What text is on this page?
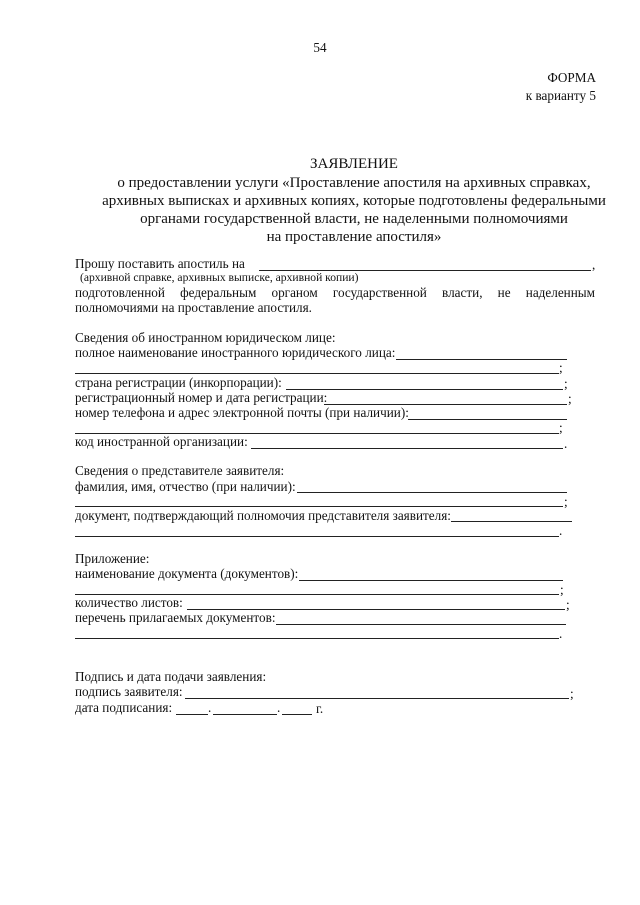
54
ФОРМА
к варианту 5
ЗАЯВЛЕНИЕ
о предоставлении услуги «Проставление апостиля на архивных справках,
архивных выписках и архивных копиях, которые подготовлены федеральными
органами государственной власти, не наделенными полномочиями
на проставление апостиля»
Прошу поставить апостиль на	,
(архивной справке, архивных выписке, архивной копии)
подготовленной федеральным органом государственной власти, не наделенным
полномочиями на проставление апостиля.
Сведения об иностранном юридическом лице:
полное наименование иностранного юридического лица:
;
страна регистрации (инкорпорации):	;
регистрационный номер и дата регистрации:	;
номер телефона и адрес электронной почты (при наличии):
;
код иностранной организации:	.
Сведения о представителе заявителя:
фамилия, имя, отчество (при наличии):
;
документ, подтверждающий полномочия представителя заявителя:
.
Приложение:
наименование документа (документов):
;
количество листов:	;
перечень прилагаемых документов:
.
Подпись и дата подачи заявления:
подпись заявителя:	;
дата подписания:	.	.	г.
